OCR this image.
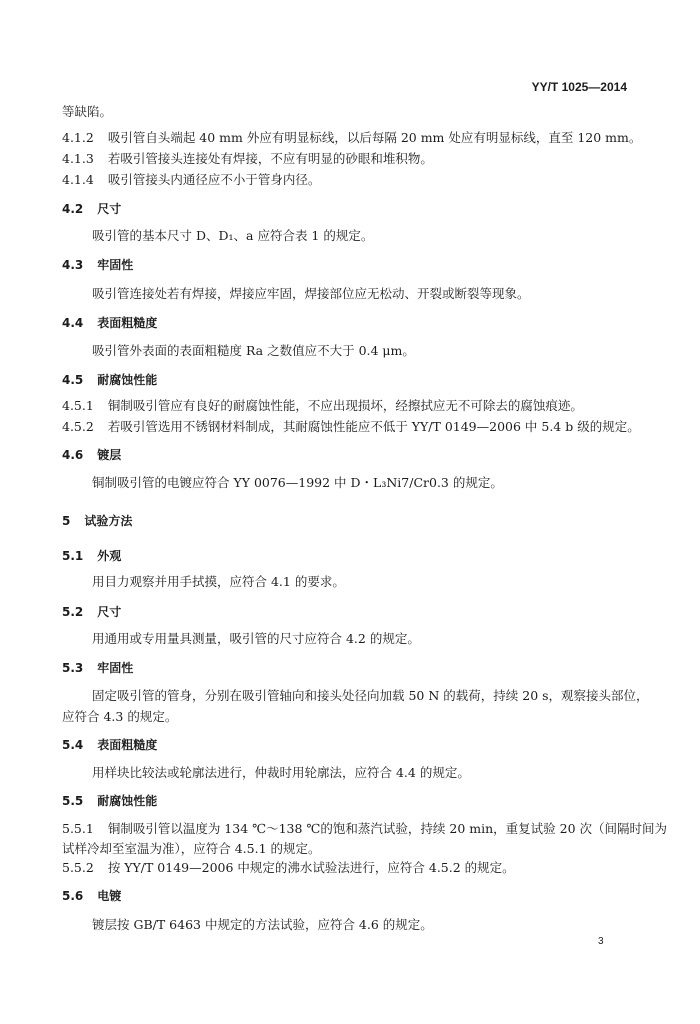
YY/T 1025—2014
等缺陷。
4.1.2 吸引管自头端起 40 mm 外应有明显标线，以后每隔 20 mm 处应有明显标线，直至 120 mm。
4.1.3 若吸引管接头连接处有焊接，不应有明显的砂眼和堆积物。
4.1.4 吸引管接头内通径应不小于管身内径。
4.2 尺寸
吸引管的基本尺寸 D、D₁、a 应符合表 1 的规定。
4.3 牢固性
吸引管连接处若有焊接，焊接应牢固，焊接部位应无松动、开裂或断裂等现象。
4.4 表面粗糙度
吸引管外表面的表面粗糙度 Ra 之数值应不大于 0.4 μm。
4.5 耐腐蚀性能
4.5.1 铜制吸引管应有良好的耐腐蚀性能，不应出现损坏，经擦拭应无不可除去的腐蚀痕迹。
4.5.2 若吸引管选用不锈钢材料制成，其耐腐蚀性能应不低于 YY/T 0149—2006 中 5.4 b 级的规定。
4.6 镀层
铜制吸引管的电镀应符合 YY 0076—1992 中 D・L₃Ni7/Cr0.3 的规定。
5 试验方法
5.1 外观
用目力观察并用手拭摸，应符合 4.1 的要求。
5.2 尺寸
用通用或专用量具测量，吸引管的尺寸应符合 4.2 的规定。
5.3 牢固性
固定吸引管的管身，分别在吸引管轴向和接头处径向加载 50 N 的载荷，持续 20 s，观察接头部位，
应符合 4.3 的规定。
5.4 表面粗糙度
用样块比较法或轮廓法进行，仲裁时用轮廓法，应符合 4.4 的规定。
5.5 耐腐蚀性能
5.5.1 铜制吸引管以温度为 134 ℃～138 ℃的饱和蒸汽试验，持续 20 min，重复试验 20 次（间隔时间为
试样冷却至室温为准），应符合 4.5.1 的规定。
5.5.2 按 YY/T 0149—2006 中规定的沸水试验法进行，应符合 4.5.2 的规定。
5.6 电镀
镀层按 GB/T 6463 中规定的方法试验，应符合 4.6 的规定。
3
